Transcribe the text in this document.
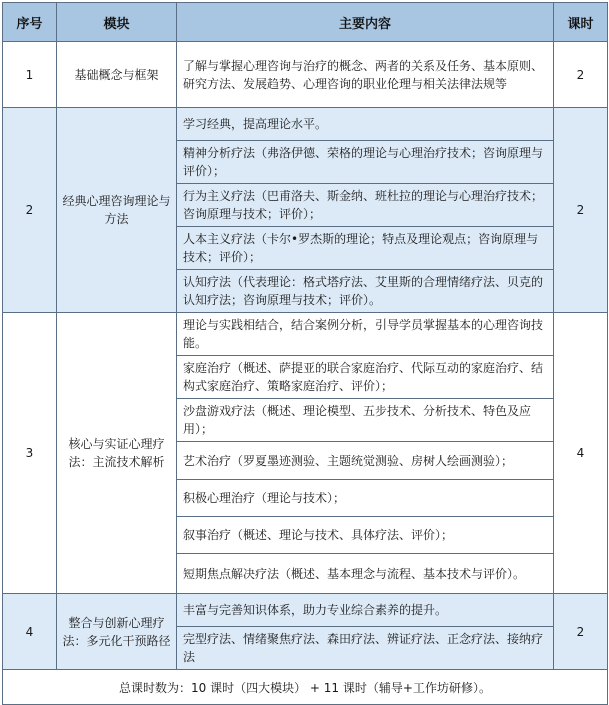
序号	模块	主要内容	课时
1	基础概念与框架	了解与掌握心理咨询与治疗的概念、两者的关系及任务、基本原则、研究方法、发展趋势、心理咨询的职业伦理与相关法律法规等	2
2	经典心理咨询理论与方法	学习经典，提高理论水平。	2

		精神分析疗法（弗洛伊德、荣格的理论与心理治疗技术；咨询原理与评价）；	

		行为主义疗法（巴甫洛夫、斯金纳、班杜拉的理论与心理治疗技术；咨询原理与技术；评价）；	

		人本主义疗法（卡尔•罗杰斯的理论；特点及理论观点；咨询原理与技术；评价）；	

		认知疗法（代表理论：格式塔疗法、艾里斯的合理情绪疗法、贝克的认知疗法；咨询原理与技术；评价）。	

3	核心与实证心理疗法：主流技术解析	理论与实践相结合，结合案例分析，引导学员掌握基本的心理咨询技能。	4

		家庭治疗（概述、萨提亚的联合家庭治疗、代际互动的家庭治疗、结构式家庭治疗、策略家庭治疗、评价）；	

		沙盘游戏疗法（概述、理论模型、五步技术、分析技术、特色及应用）；	

		艺术治疗（罗夏墨迹测验、主题统觉测验、房树人绘画测验）；	

		积极心理治疗（理论与技术）；	

		叙事治疗（概述、理论与技术、具体疗法、评价）；	

		短期焦点解决疗法（概述、基本理念与流程、基本技术与评价）。	

4	整合与创新心理疗法：多元化干预路径	丰富与完善知识体系，助力专业综合素养的提升。	2

		完型疗法、情绪聚焦疗法、森田疗法、辨证疗法、正念疗法、接纳疗法	

总课时数为：10 课时（四大模块） + 11 课时（辅导+工作坊研修）。			
